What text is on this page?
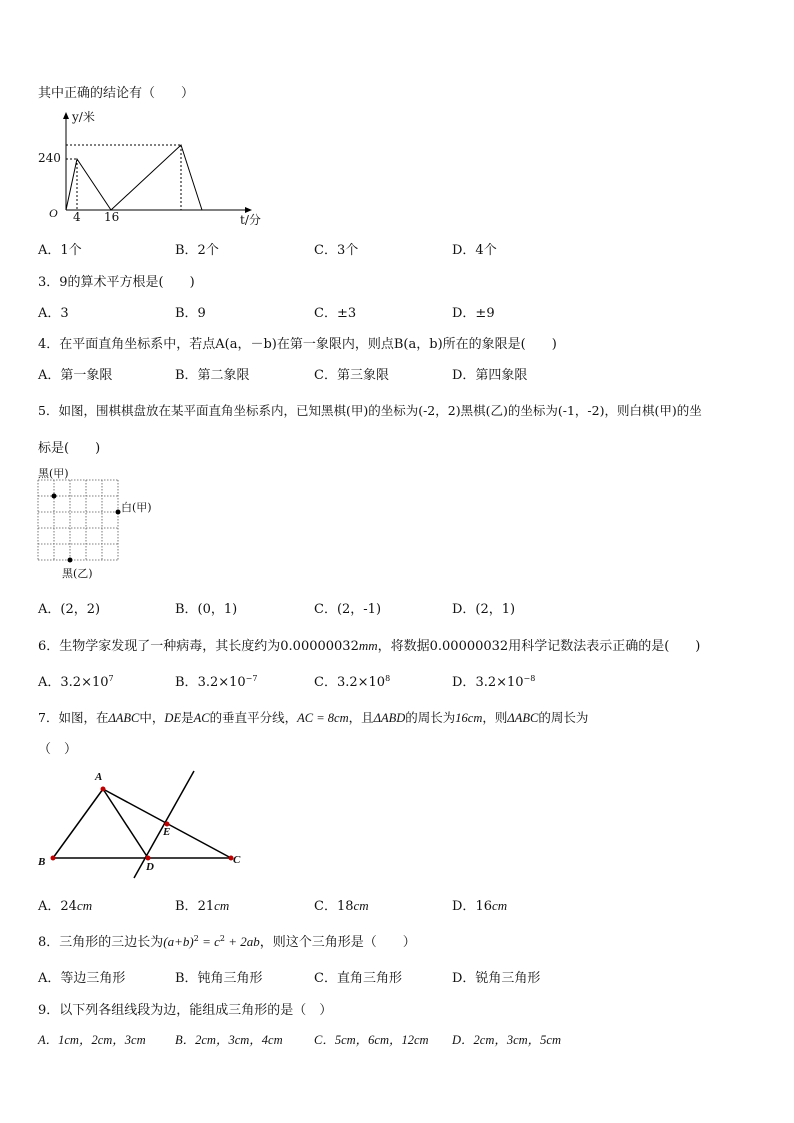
其中正确的结论有（　　）
y/米
240
O 4 16	t/分
A．1个	B．2个	C．3个	D．4个
3．9的算术平方根是(　　)
A．3	B．9	C．±3	D．±9
4．在平面直角坐标系中，若点A(a，－b)在第一象限内，则点B(a，b)所在的象限是(　　)
A．第一象限	B．第二象限	C．第三象限	D．第四象限
5．如图，围棋棋盘放在某平面直角坐标系内，已知黑棋(甲)的坐标为(-2，2)黑棋(乙)的坐标为(-1，-2)，则白棋(甲)的坐
标是(　　)
黑(甲)
白(甲)
黑(乙)
A．(2，2)	B．(0，1)	C．(2，-1)	D．(2，1)
6．生物学家发现了一种病毒，其长度约为0.00000032mm，将数据0.00000032用科学记数法表示正确的是(　　)
A．$3.2\times 10^7$	B．$3.2\times 10^{-7}$	C．$3.2\times 10^8$	D．$3.2\times 10^{-8}$
7．如图，在ΔABC中，DE是AC的垂直平分线，AC = 8cm，且ΔABD的周长为16cm，则ΔABC的周长为
（　）
A
B	C
D
E
A．24cm	B．21cm	C．18cm	D．16cm
8．三角形的三边长为$(a+b)^2 = c^2 + 2ab$，则这个三角形是（　　）
A．等边三角形	B．钝角三角形	C．直角三角形	D．锐角三角形
9．以下列各组线段为边，能组成三角形的是（　）
A．1cm，2cm，3cm B．2cm，3cm，4cm	C．5cm，6cm，12cm D．2cm，3cm，5cm
